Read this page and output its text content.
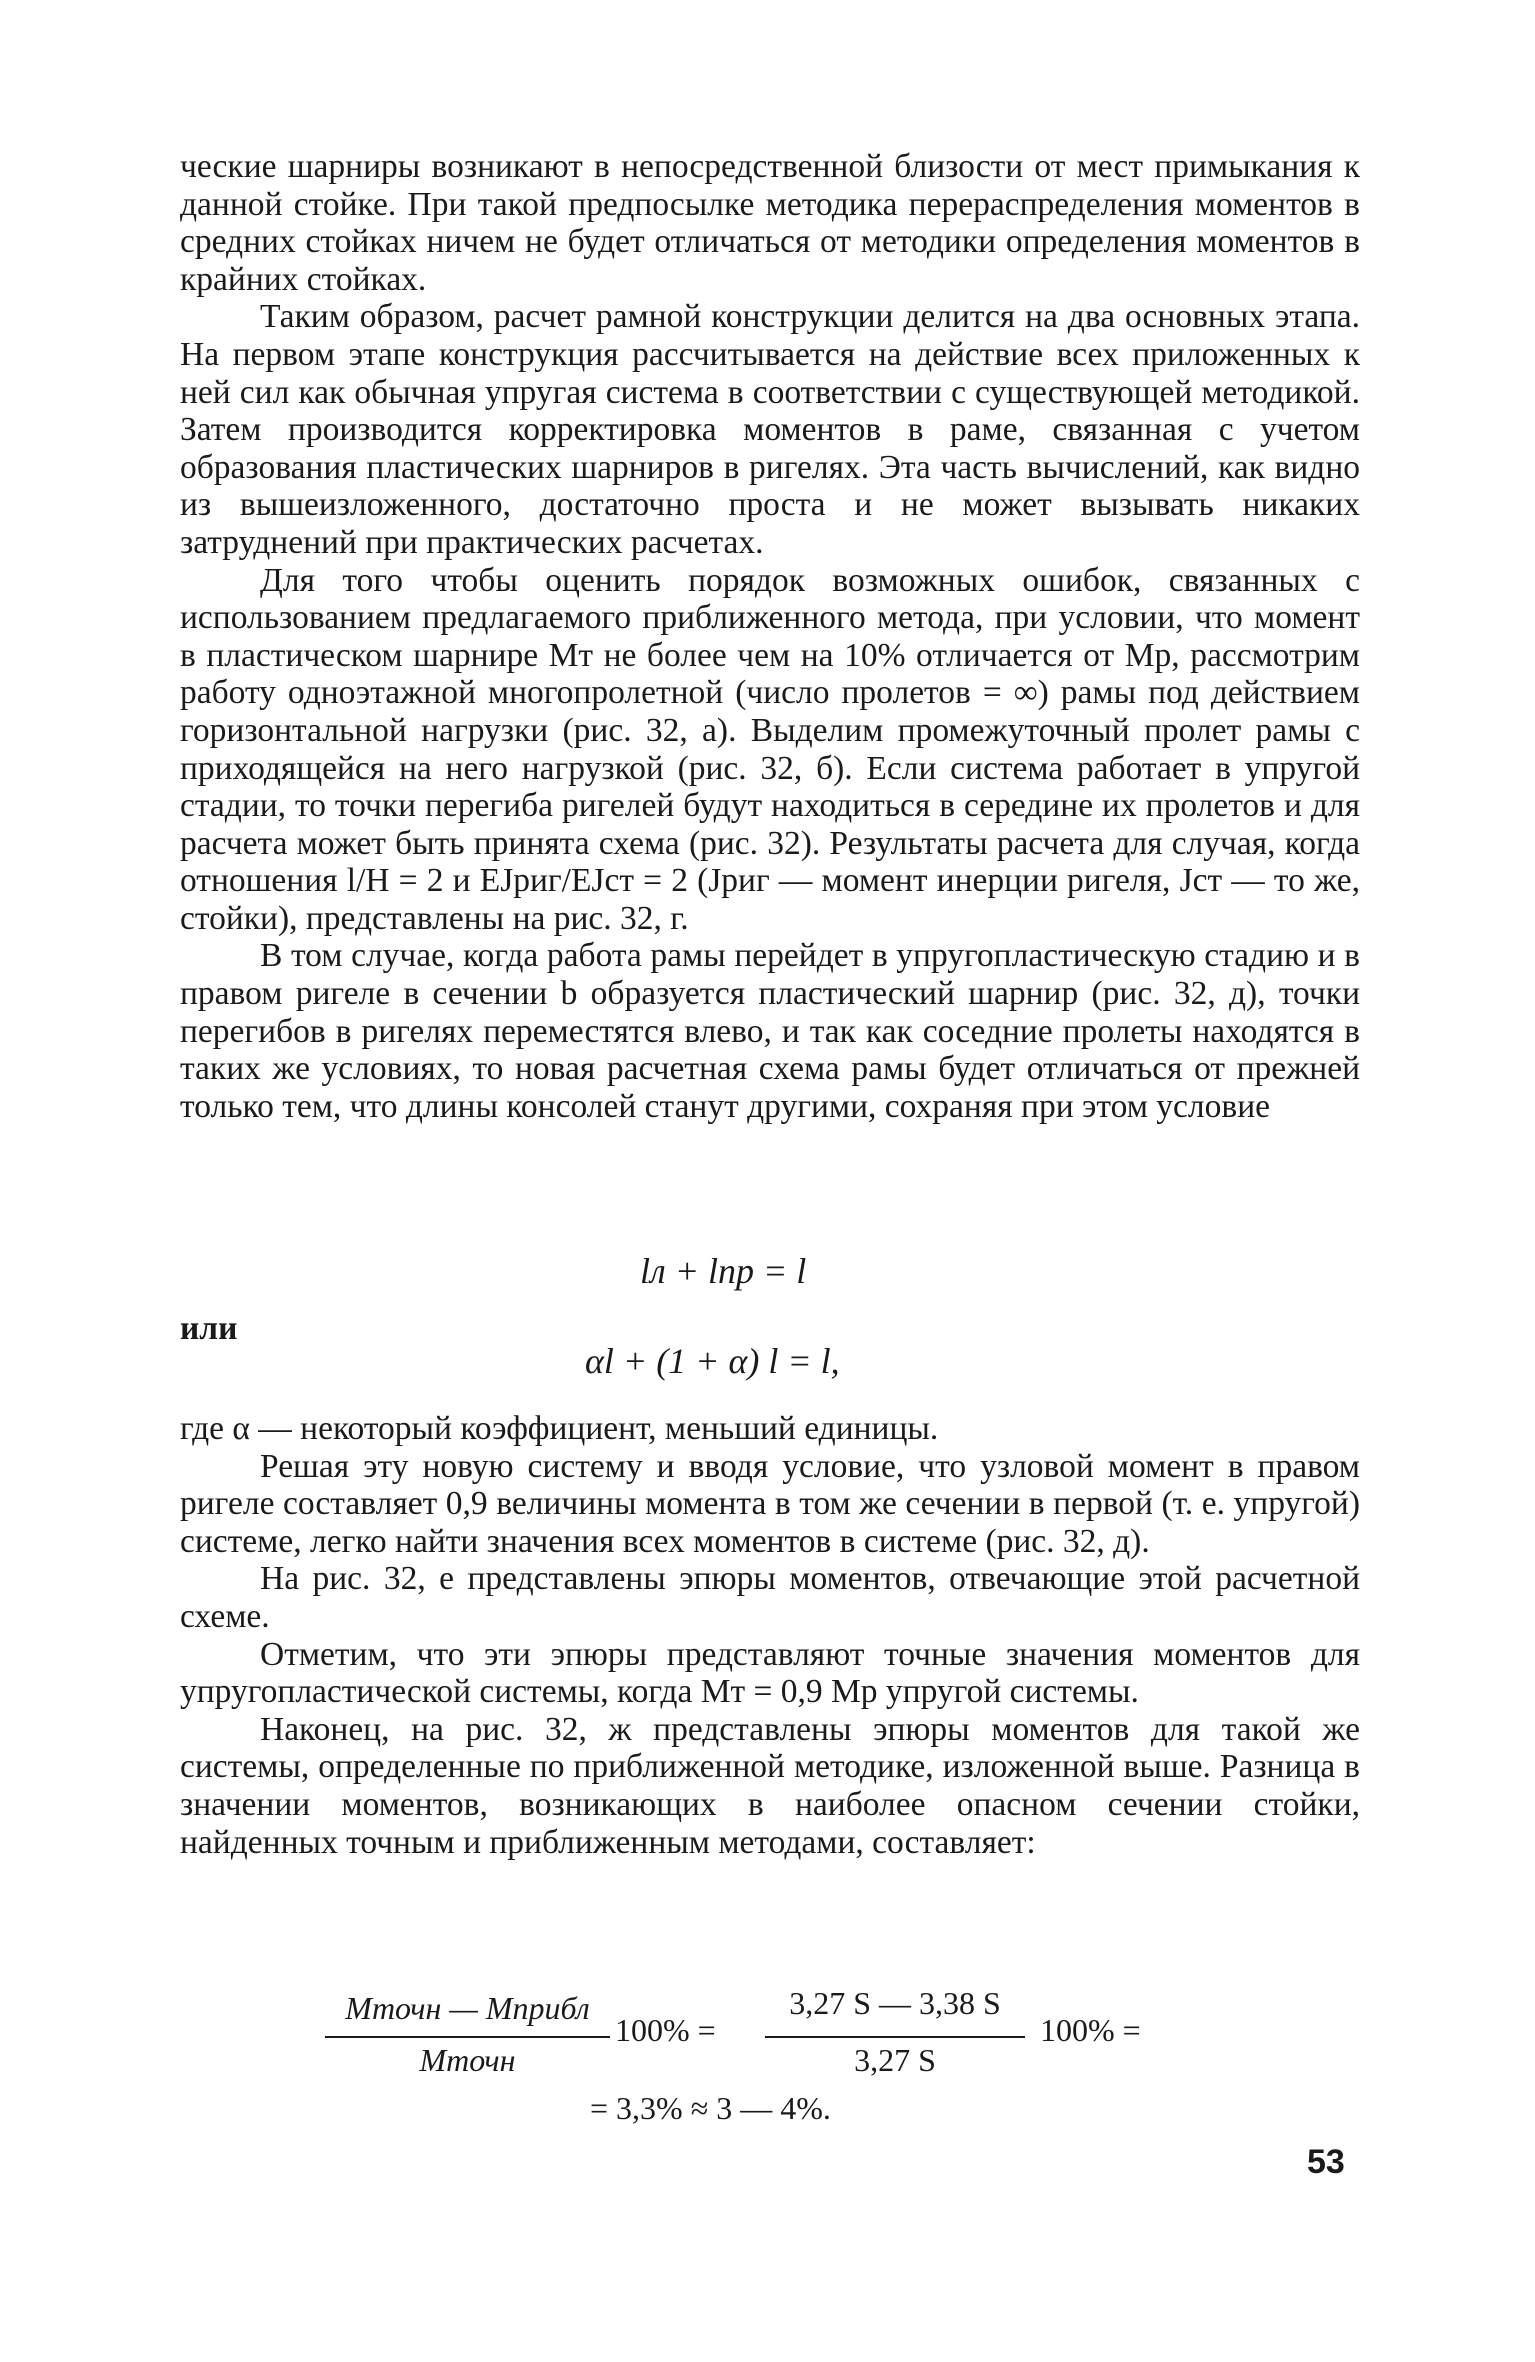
ческие шарниры возникают в непосредственной близости от мест примыкания к данной стойке. При такой предпосылке методика перераспределения моментов в средних стойках ничем не будет отличаться от методики определения моментов в крайних стойках.

Таким образом, расчет рамной конструкции делится на два основных этапа. На первом этапе конструкция рассчитывается на действие всех приложенных к ней сил как обычная упругая система в соответствии с существующей методикой. Затем производится корректировка моментов в раме, связанная с учетом образования пластических шарниров в ригелях. Эта часть вычислений, как видно из вышеизложенного, достаточно проста и не может вызывать никаких затруднений при практических расчетах.

Для того чтобы оценить порядок возможных ошибок, связанных с использованием предлагаемого приближенного метода, при условии, что момент в пластическом шарнире Mт не более чем на 10% отличается от Mp, рассмотрим работу одноэтажной многопролетной (число пролетов = ∞) рамы под действием горизонтальной нагрузки (рис. 32, а). Выделим промежуточный пролет рамы с приходящейся на него нагрузкой (рис. 32, б). Если система работает в упругой стадии, то точки перегиба ригелей будут находиться в середине их пролетов и для расчета может быть принята схема (рис. 32). Результаты расчета для случая, когда отношения l/H = 2 и EJриг/EJст = 2 (Jриг — момент инерции ригеля, Jст — то же, стойки), представлены на рис. 32, г.

В том случае, когда работа рамы перейдет в упругопластическую стадию и в правом ригеле в сечении b образуется пластический шарнир (рис. 32, д), точки перегибов в ригелях переместятся влево, и так как соседние пролеты находятся в таких же условиях, то новая расчетная схема рамы будет отличаться от прежней только тем, что длины консолей станут другими, сохраняя при этом условие

lл + lпр = l
или
αl + (1 + α) l = l,

где α — некоторый коэффициент, меньший единицы.

Решая эту новую систему и вводя условие, что узловой момент в правом ригеле составляет 0,9 величины момента в том же сечении в первой (т. е. упругой) системе, легко найти значения всех моментов в системе (рис. 32, д).

На рис. 32, е представлены эпюры моментов, отвечающие этой расчетной схеме.

Отметим, что эти эпюры представляют точные значения моментов для упругопластической системы, когда Mт = 0,9 Mp упругой системы.

Наконец, на рис. 32, ж представлены эпюры моментов для такой же системы, определенные по приближенной методике, изложенной выше. Разница в значении моментов, возникающих в наиболее опасном сечении стойки, найденных точным и приближенным методами, составляет:

Mточн — Mприбл
Mточн
100% =
3,27 S — 3,38 S
3,27 S
100% =
= 3,3% ≈ 3 — 4%.
53
